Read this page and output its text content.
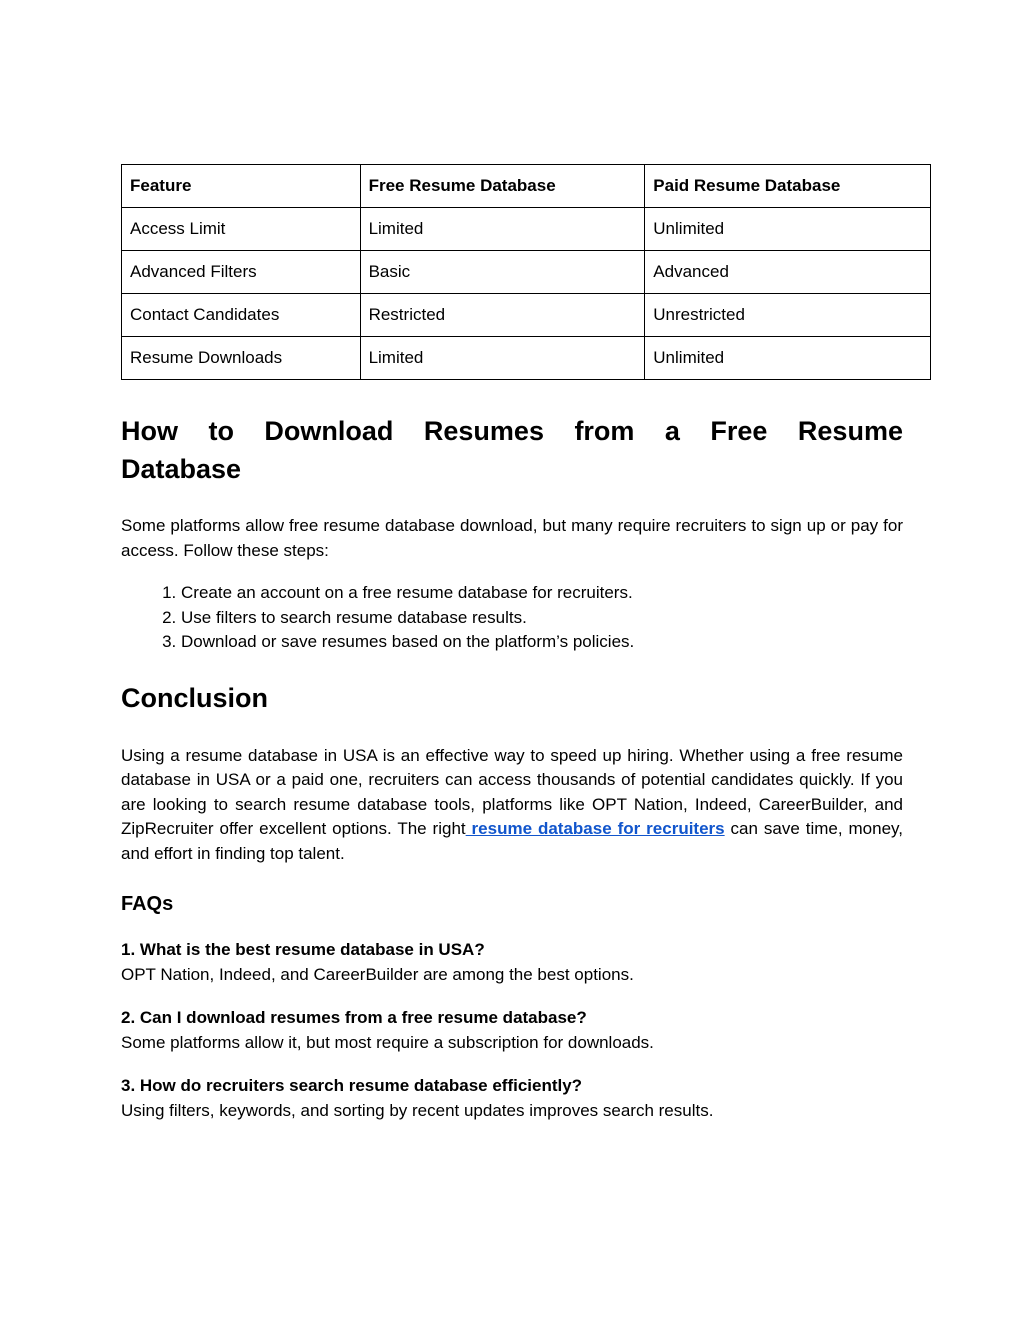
Feature	Free Resume Database	Paid Resume Database
Access Limit	Limited	Unlimited
Advanced Filters	Basic	Advanced
Contact Candidates	Restricted	Unrestricted
Resume Downloads	Limited	Unlimited
How to Download Resumes from a Free Resume
Database

Some platforms allow free resume database download, but many require recruiters to sign up or pay for access. Follow these steps:

1. Create an account on a free resume database for recruiters.
2. Use filters to search resume database results.
3. Download or save resumes based on the platform’s policies.
Conclusion

Using a resume database in USA is an effective way to speed up hiring. Whether using a free resume database in USA or a paid one, recruiters can access thousands of potential candidates quickly. If you are looking to search resume database tools, platforms like OPT Nation, Indeed, CareerBuilder, and ZipRecruiter offer excellent options. The right resume database for recruiters can save time, money, and effort in finding top talent.

FAQs

1. What is the best resume database in USA?

OPT Nation, Indeed, and CareerBuilder are among the best options.

2. Can I download resumes from a free resume database?

Some platforms allow it, but most require a subscription for downloads.

3. How do recruiters search resume database efficiently?

Using filters, keywords, and sorting by recent updates improves search results.
